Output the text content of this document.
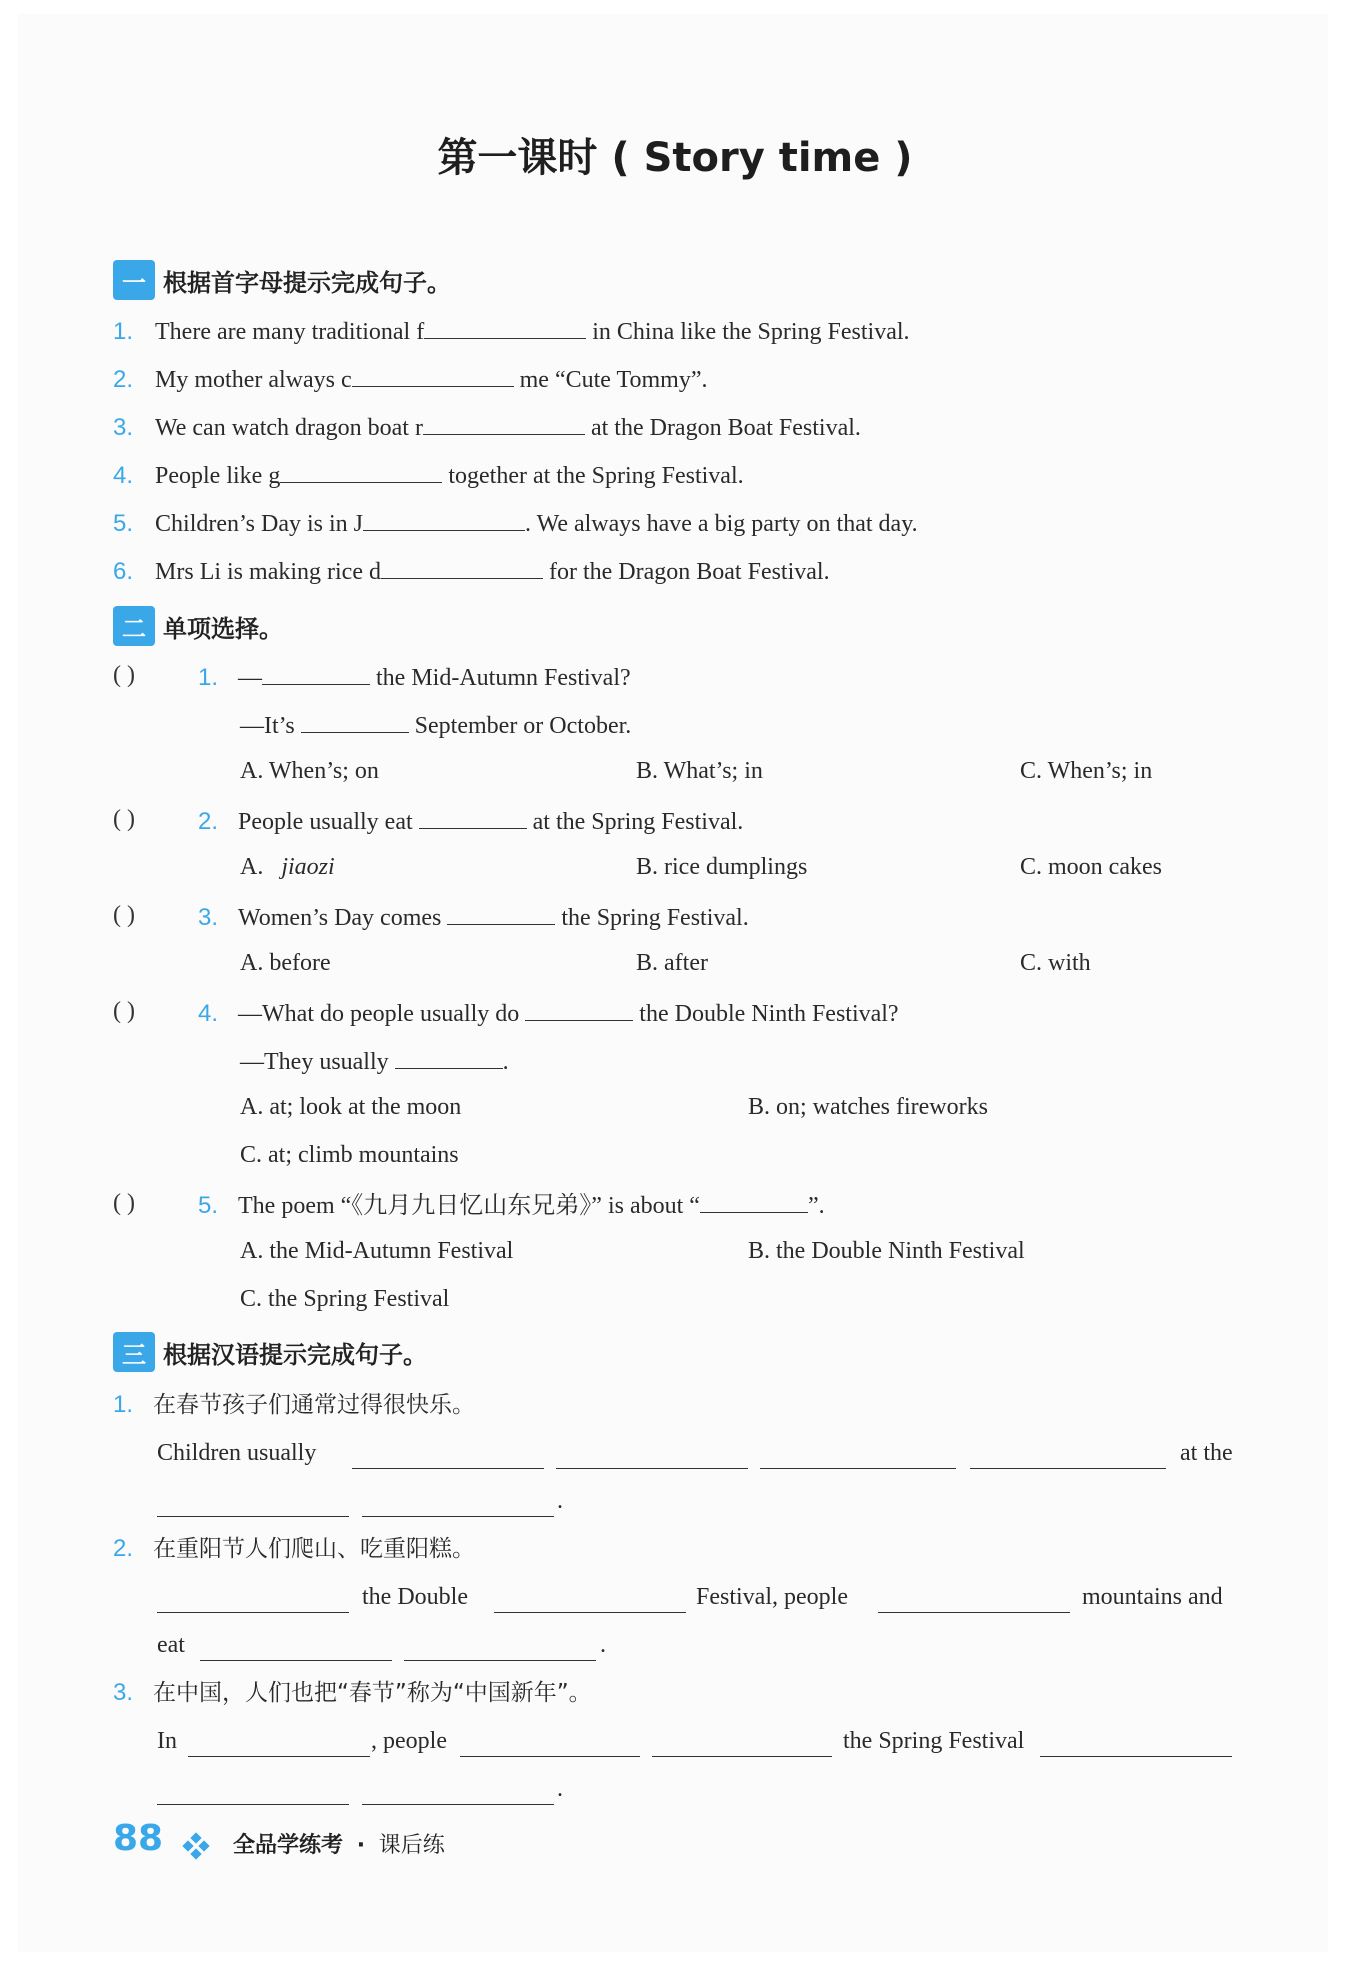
第一课时 ( Story time )
一 根据首字母提示完成句子。
1. There are many traditional f	in China like the Spring Festival.
2. My mother always c	me “Cute Tommy”.
3. We can watch dragon boat r	at the Dragon Boat Festival.
4. People like g	together at the Spring Festival.
5. Children’s Day is in J	. We always have a big party on that day.
6. Mrs Li is making rice d	for the Dragon Boat Festival.
二 单项选择。
( )	1. —	the Mid-Autumn Festival?
—It’s	September or October.
A. When’s; on	B. What’s; in	C. When’s; in
( )	2. People usually eat	at the Spring Festival.
A. jiaozi	B. rice dumplings	C. moon cakes
( )	3. Women’s Day comes	the Spring Festival.
A. before	B. after	C. with
( )	4. —What do people usually do	the Double Ninth Festival?
—They usually	.
A. at; look at the moon	B. on; watches fireworks
C. at; climb mountains
( )	5. The poem “《九月九日忆山东兄弟》” is about “	”.
A. the Mid-Autumn Festival	B. the Double Ninth Festival
C. the Spring Festival
三 根据汉语提示完成句子。
1. 在春节孩子们通常过得很快乐。
Children usually	at the
.
2. 在重阳节人们爬山、吃重阳糕。
the Double	Festival, people	mountains and
eat	.
3. 在中国，人们也把“春节”称为“中国新年”。
In	, people	the Spring Festival
.
88	全品学练考 · 课后练
